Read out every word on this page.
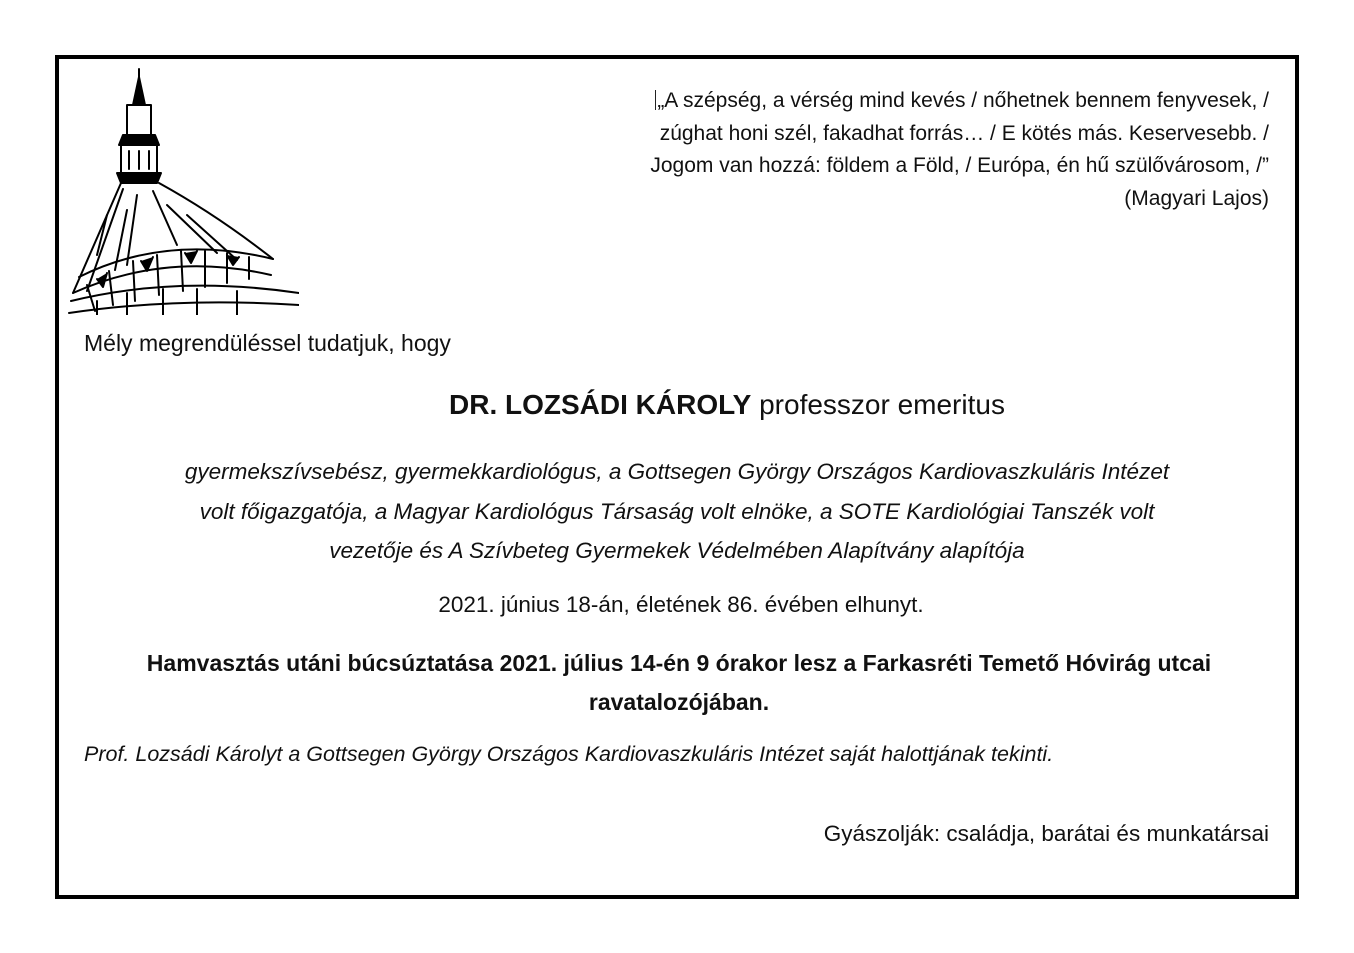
„A szépség, a vérség mind kevés / nőhetnek bennem fenyvesek, /
zúghat honi szél, fakadhat forrás… / E kötés más. Keservesebb. /
Jogom van hozzá: földem a Föld, / Európa, én hű szülővárosom, /”
(Magyari Lajos)
Mély megrendüléssel tudatjuk, hogy
DR. LOZSÁDI KÁROLY professzor emeritus
gyermekszívsebész, gyermekkardiológus, a Gottsegen György Országos Kardiovaszkuláris Intézet
volt főigazgatója, a Magyar Kardiológus Társaság volt elnöke, a SOTE Kardiológiai Tanszék volt
vezetője és A Szívbeteg Gyermekek Védelmében Alapítvány alapítója
2021. június 18-án, életének 86. évében elhunyt.
Hamvasztás utáni búcsúztatása 2021. július 14-én 9 órakor lesz a Farkasréti Temető Hóvirág utcai
ravatalozójában.
Prof. Lozsádi Károlyt a Gottsegen György Országos Kardiovaszkuláris Intézet saját halottjának tekinti.
Gyászolják: családja, barátai és munkatársai
